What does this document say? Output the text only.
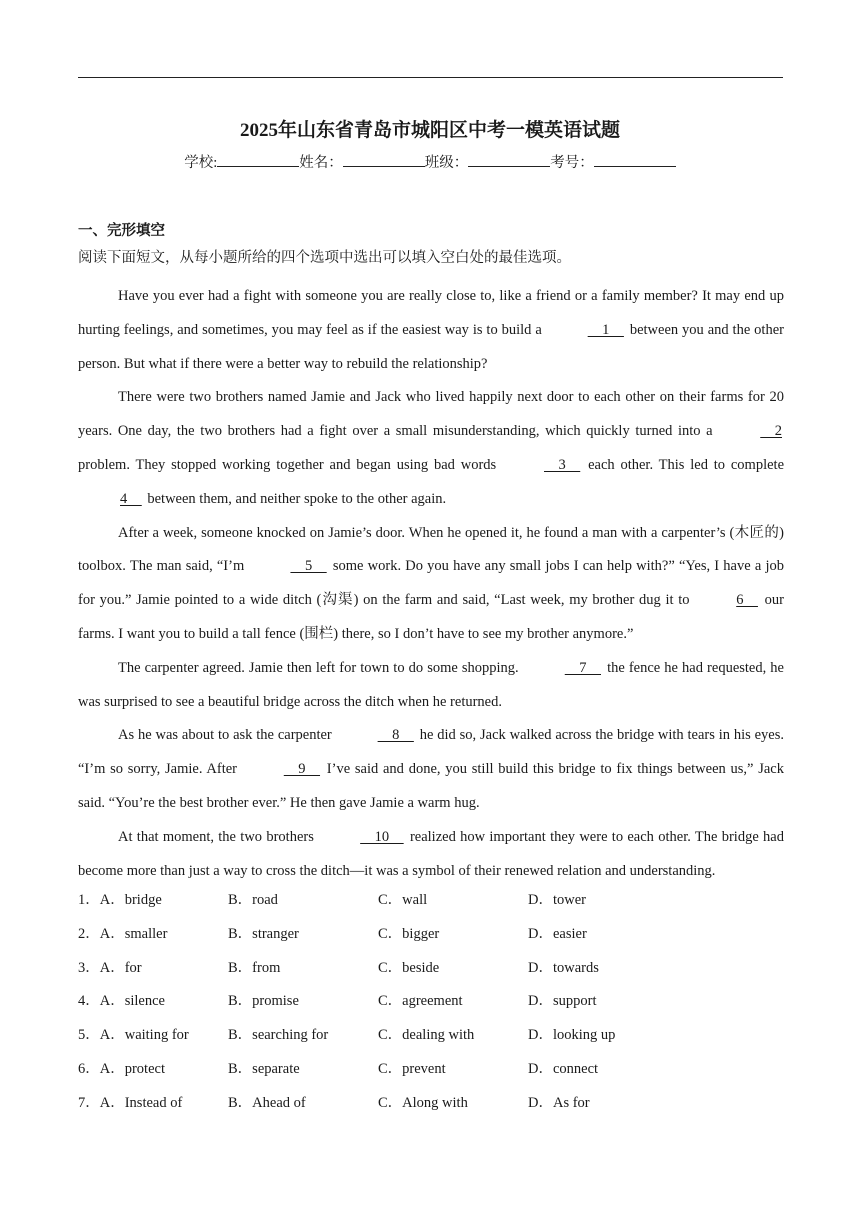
2025年山东省青岛市城阳区中考一模英语试题
学校:	姓名：	班级：	考号：
一、完形填空
阅读下面短文，从每小题所给的四个选项中选出可以填入空白处的最佳选项。

Have you ever had a fight with someone you are really close to, like a friend or a family member? It may end up hurting feelings, and sometimes, you may feel as if the easiest way is to build a	1     between you and the other person. But what if there were a better way to rebuild the relationship?

There were two brothers named Jamie and Jack who lived happily next door to each other on their farms for 20 years. One day, the two brothers had a fight over a small misunderstanding, which quickly turned into a	2 problem. They stopped working together and began using bad words	3     each other. This led to complete 4     between them, and neither spoke to the other again.

After a week, someone knocked on Jamie’s door. When he opened it, he found a man with a carpenter’s (木匠的) toolbox. The man said, “I’m	5     some work. Do you have any small jobs I can help with?” “Yes, I have a job for you.” Jamie pointed to a wide ditch (沟渠) on the farm and said, “Last week, my brother dug it to	6     our farms. I want you to build a tall fence (围栏) there, so I don’t have to see my brother anymore.”

The carpenter agreed. Jamie then left for town to do some shopping.	7     the fence he had requested, he was surprised to see a beautiful bridge across the ditch when he returned.

As he was about to ask the carpenter	8     he did so, Jack walked across the bridge with tears in his eyes. “I’m so sorry, Jamie. After	9     I’ve said and done, you still build this bridge to fix things between us,” Jack said. “You’re the best brother ever.” He then gave Jamie a warm hug.

At that moment, the two brothers	10     realized how important they were to each other. The bridge had become more than just a way to cross the ditch—it was a symbol of their renewed relation and understanding.

1．A．bridge	B．road	C．wall	D．tower
2．A．smaller	B．stranger	C．bigger	D．easier
3．A．for	B．from	C．beside	D．towards
4．A．silence	B．promise	C．agreement	D．support
5．A．waiting for	B．searching for	C．dealing with	D．looking up
6．A．protect	B．separate	C．prevent	D．connect
7．A．Instead of	B．Ahead of	C．Along with	D．As for
